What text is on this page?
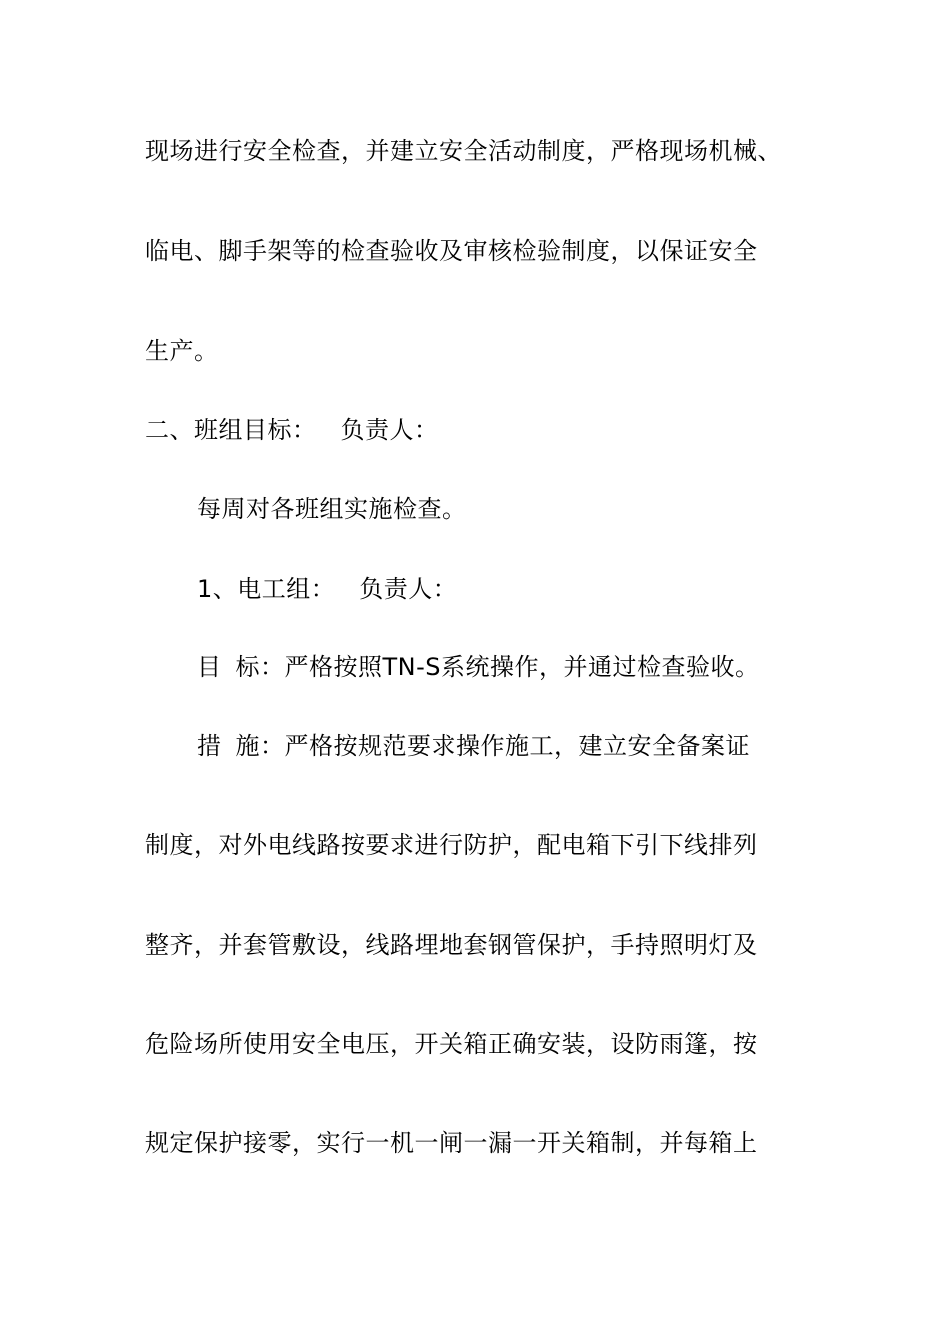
现场进行安全检查，并建立安全活动制度，严格现场机械、
临电、脚手架等的检查验收及审核检验制度，以保证安全
生产。
二、班组目标： 负责人：
每周对各班组实施检查。
1、电工组： 负责人：
目 标：严格按照TN-S系统操作，并通过检查验收。
措 施：严格按规范要求操作施工，建立安全备案证
制度，对外电线路按要求进行防护，配电箱下引下线排列
整齐，并套管敷设，线路埋地套钢管保护，手持照明灯及
危险场所使用安全电压，开关箱正确安装，设防雨篷，按
规定保护接零，实行一机一闸一漏一开关箱制，并每箱上
